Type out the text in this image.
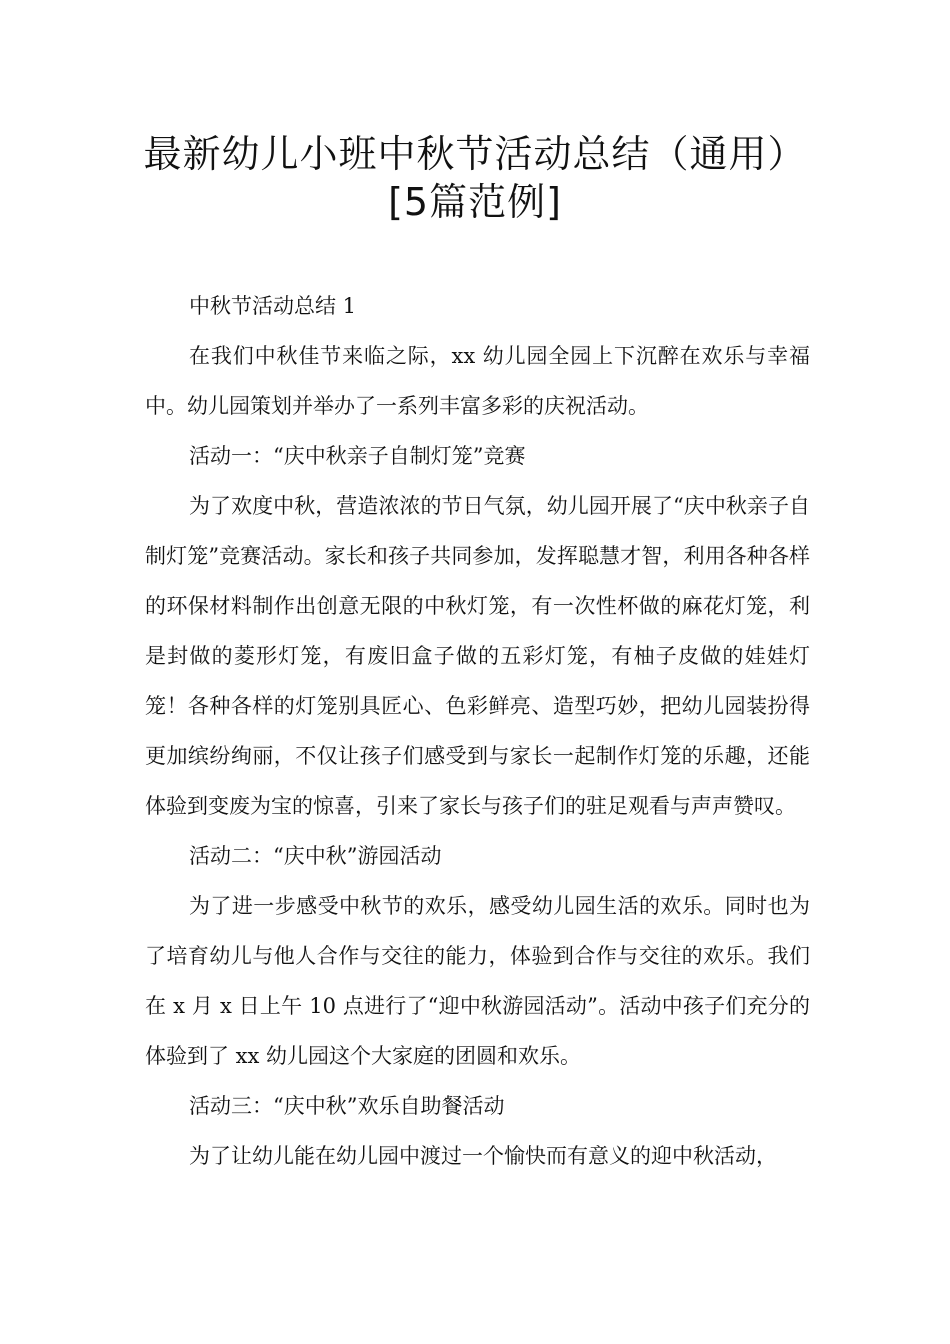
最新幼儿小班中秋节活动总结（通用）
[5篇范例]

中秋节活动总结 1

在我们中秋佳节来临之际，xx 幼儿园全园上下沉醉在欢乐与幸福中。幼儿园策划并举办了一系列丰富多彩的庆祝活动。

活动一：“庆中秋亲子自制灯笼”竞赛

为了欢度中秋，营造浓浓的节日气氛，幼儿园开展了“庆中秋亲子自制灯笼”竞赛活动。家长和孩子共同参加，发挥聪慧才智，利用各种各样的环保材料制作出创意无限的中秋灯笼，有一次性杯做的麻花灯笼，利是封做的菱形灯笼，有废旧盒子做的五彩灯笼，有柚子皮做的娃娃灯笼！各种各样的灯笼别具匠心、色彩鲜亮、造型巧妙，把幼儿园装扮得更加缤纷绚丽，不仅让孩子们感受到与家长一起制作灯笼的乐趣，还能体验到变废为宝的惊喜，引来了家长与孩子们的驻足观看与声声赞叹。

活动二：“庆中秋”游园活动

为了进一步感受中秋节的欢乐，感受幼儿园生活的欢乐。同时也为了培育幼儿与他人合作与交往的能力，体验到合作与交往的欢乐。我们在 x 月 x 日上午 10 点进行了“迎中秋游园活动”。活动中孩子们充分的体验到了 xx 幼儿园这个大家庭的团圆和欢乐。

活动三：“庆中秋”欢乐自助餐活动

为了让幼儿能在幼儿园中渡过一个愉快而有意义的迎中秋活动，
